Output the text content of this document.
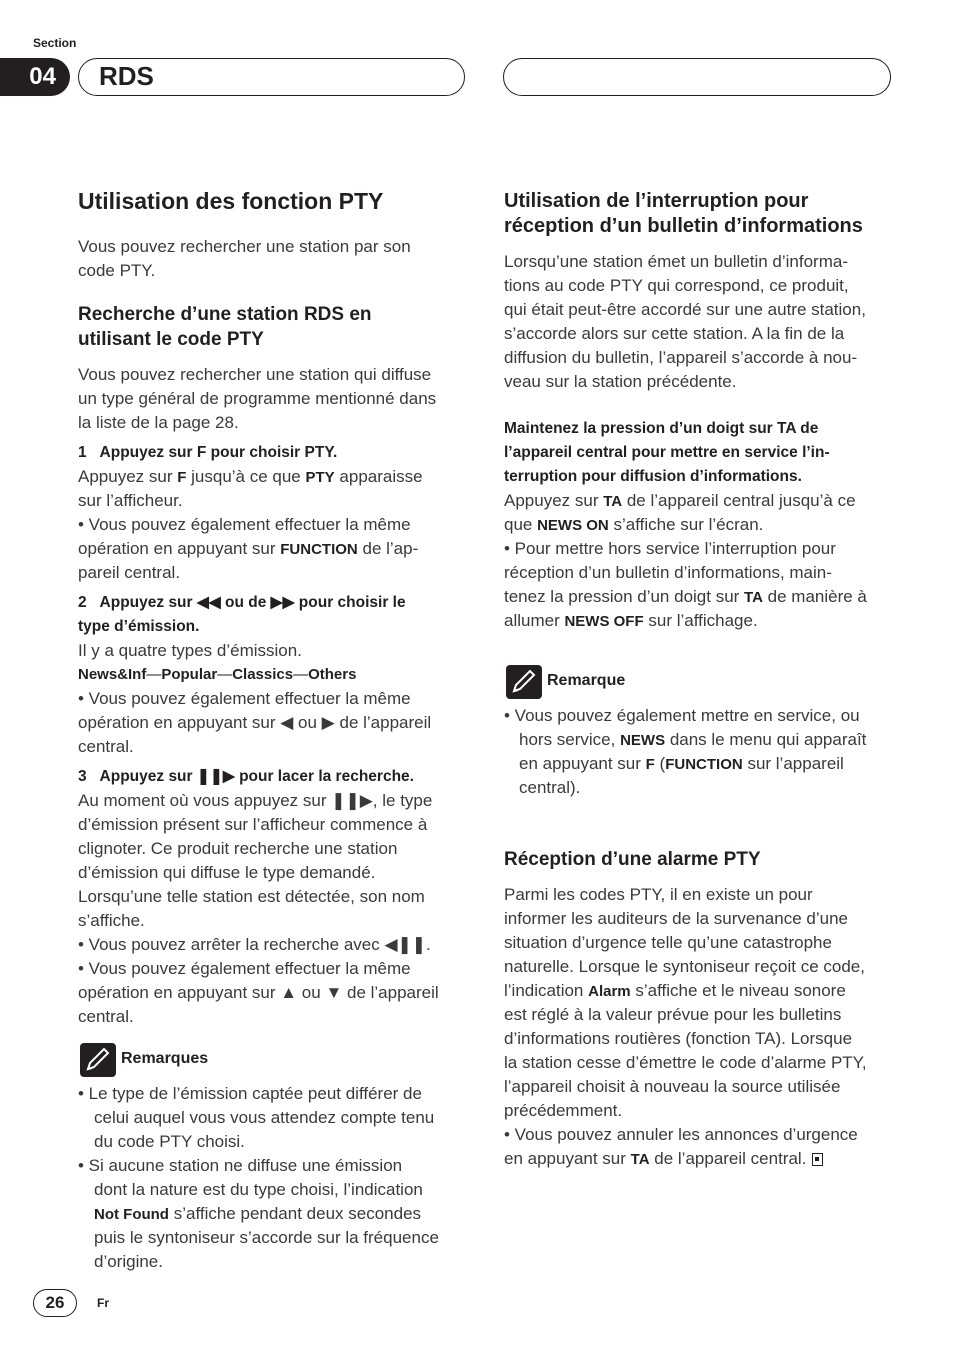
Section
04	RDS
Utilisation des fonction PTY

Vous pouvez rechercher une station par son

code PTY.

Recherche d’une station RDS en
utilisant le code PTY

Vous pouvez rechercher une station qui diffuse

un type général de programme mentionné dans

la liste de la page 28.

1 Appuyez sur F pour choisir PTY.

Appuyez sur F jusqu’à ce que PTY apparaisse

sur l’afficheur.

• Vous pouvez également effectuer la même

opération en appuyant sur FUNCTION de l’ap-

pareil central.

2 Appuyez sur ◀◀ ou de ▶▶ pour choisir le

type d’émission.

Il y a quatre types d’émission.

News&Inf—Popular—Classics—Others

• Vous pouvez également effectuer la même

opération en appuyant sur ◀ ou ▶ de l’appareil

central.

3 Appuyez sur ❚❚▶ pour lacer la recherche.

Au moment où vous appuyez sur ❚❚▶, le type

d’émission présent sur l’afficheur commence à

clignoter. Ce produit recherche une station

d’émission qui diffuse le type demandé.

Lorsqu’une telle station est détectée, son nom

s’affiche.

• Vous pouvez arrêter la recherche avec ◀❚❚.

• Vous pouvez également effectuer la même

opération en appuyant sur ▲ ou ▼ de l’appareil

central.

Remarques

• Le type de l’émission captée peut différer de

celui auquel vous vous attendez compte tenu

du code PTY choisi.

• Si aucune station ne diffuse une émission

dont la nature est du type choisi, l’indication

Not Found s’affiche pendant deux secondes

puis le syntoniseur s’accorde sur la fréquence

d’origine.

Utilisation de l’interruption pour
réception d’un bulletin d’informations

Lorsqu’une station émet un bulletin d’informa-

tions au code PTY qui correspond, ce produit,

qui était peut-être accordé sur une autre station,

s’accorde alors sur cette station. A la fin de la

diffusion du bulletin, l’appareil s’accorde à nou-

veau sur la station précédente.

Maintenez la pression d’un doigt sur TA de

l’appareil central pour mettre en service l’in-

terruption pour diffusion d’informations.

Appuyez sur TA de l’appareil central jusqu’à ce

que NEWS ON s’affiche sur l’écran.

• Pour mettre hors service l’interruption pour

réception d’un bulletin d’informations, main-

tenez la pression d’un doigt sur TA de manière à

allumer NEWS OFF sur l’affichage.

Remarque

• Vous pouvez également mettre en service, ou

hors service, NEWS dans le menu qui apparaît

en appuyant sur F (FUNCTION sur l’appareil

central).

Réception d’une alarme PTY

Parmi les codes PTY, il en existe un pour

informer les auditeurs de la survenance d’une

situation d’urgence telle qu’une catastrophe

naturelle. Lorsque le syntoniseur reçoit ce code,

l’indication Alarm s’affiche et le niveau sonore

est réglé à la valeur prévue pour les bulletins

d’informations routières (fonction TA). Lorsque

la station cesse d’émettre le code d’alarme PTY,

l’appareil choisit à nouveau la source utilisée

précédemment.

• Vous pouvez annuler les annonces d’urgence

en appuyant sur TA de l’appareil central.

26	Fr
